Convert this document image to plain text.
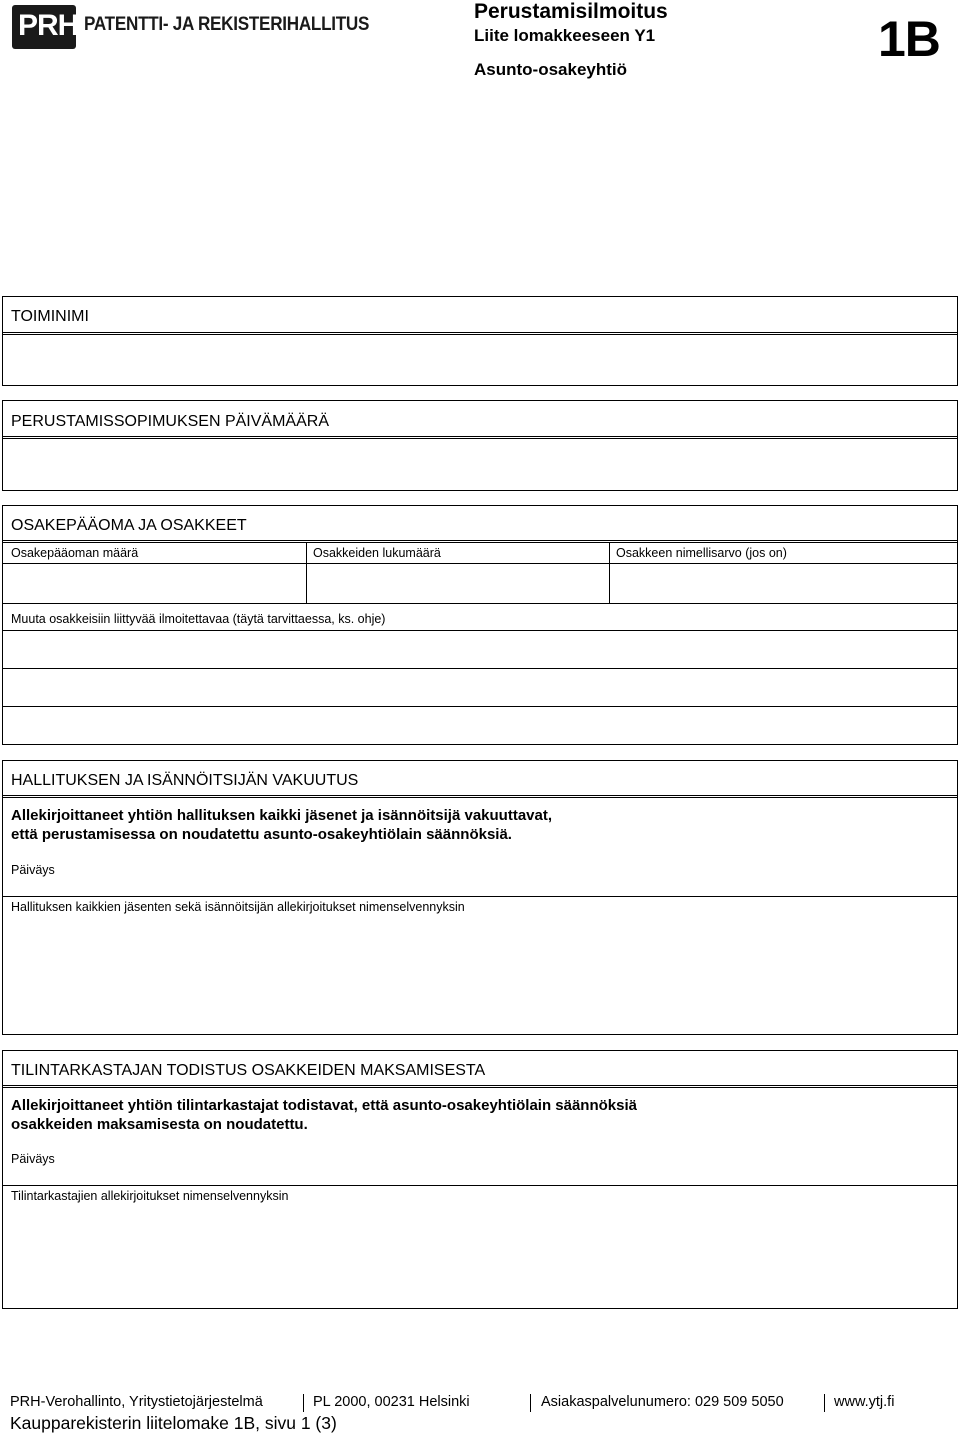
PRH PATENTTI- JA REKISTERIHALLITUS
Perustamisilmoitus
Liite lomakkeeseen Y1
Asunto-osakeyhtiö
1B
TOIMINIMI
PERUSTAMISSOPIMUKSEN PÄIVÄMÄÄRÄ
OSAKEPÄÄOMA JA OSAKKEET
Osakepääoman määrä	Osakkeiden lukumäärä	Osakkeen nimellisarvo (jos on)
Muuta osakkeisiin liittyvää ilmoitettavaa (täytä tarvittaessa, ks. ohje)
HALLITUKSEN JA ISÄNNÖITSIJÄN VAKUUTUS
Allekirjoittaneet yhtiön hallituksen kaikki jäsenet ja isännöitsijä vakuuttavat,
että perustamisessa on noudatettu asunto-osakeyhtiölain säännöksiä.
Päiväys
Hallituksen kaikkien jäsenten sekä isännöitsijän allekirjoitukset nimenselvennyksin
TILINTARKASTAJAN TODISTUS OSAKKEIDEN MAKSAMISESTA
Allekirjoittaneet yhtiön tilintarkastajat todistavat, että asunto-osakeyhtiölain säännöksiä
osakkeiden maksamisesta on noudatettu.
Päiväys
Tilintarkastajien allekirjoitukset nimenselvennyksin
PRH-Verohallinto, Yritystietojärjestelmä	PL 2000, 00231 Helsinki	Asiakaspalvelunumero: 029 509 5050	www.ytj.fi
Kaupparekisterin liitelomake 1B, sivu 1 (3)
